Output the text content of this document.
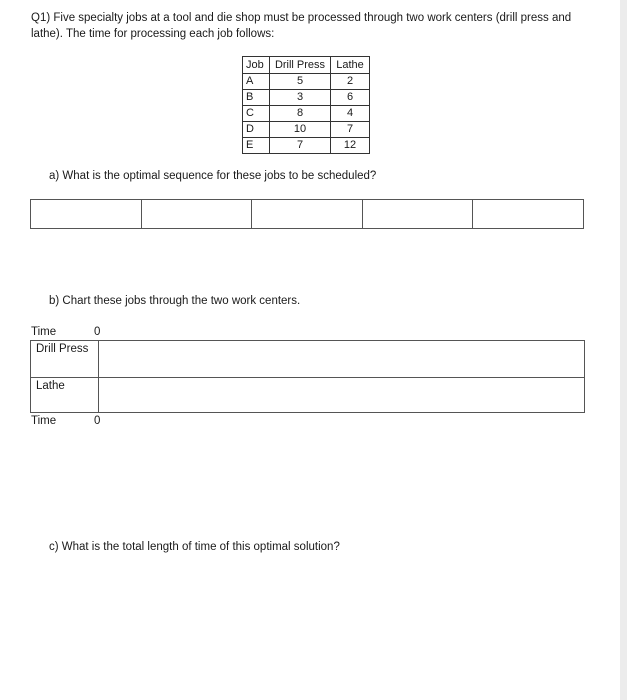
Q1) Five specialty jobs at a tool and die shop must be processed through two work centers (drill press and lathe). The time for processing each job follows:
Job	Drill Press	Lathe
A	5	2
B	3	6
C	8	4
D	10	7
E	7	12
a) What is the optimal sequence for these jobs to be scheduled?
b) Chart these jobs through the two work centers.
Time	0
Drill Press
Lathe
Time	0
c) What is the total length of time of this optimal solution?
